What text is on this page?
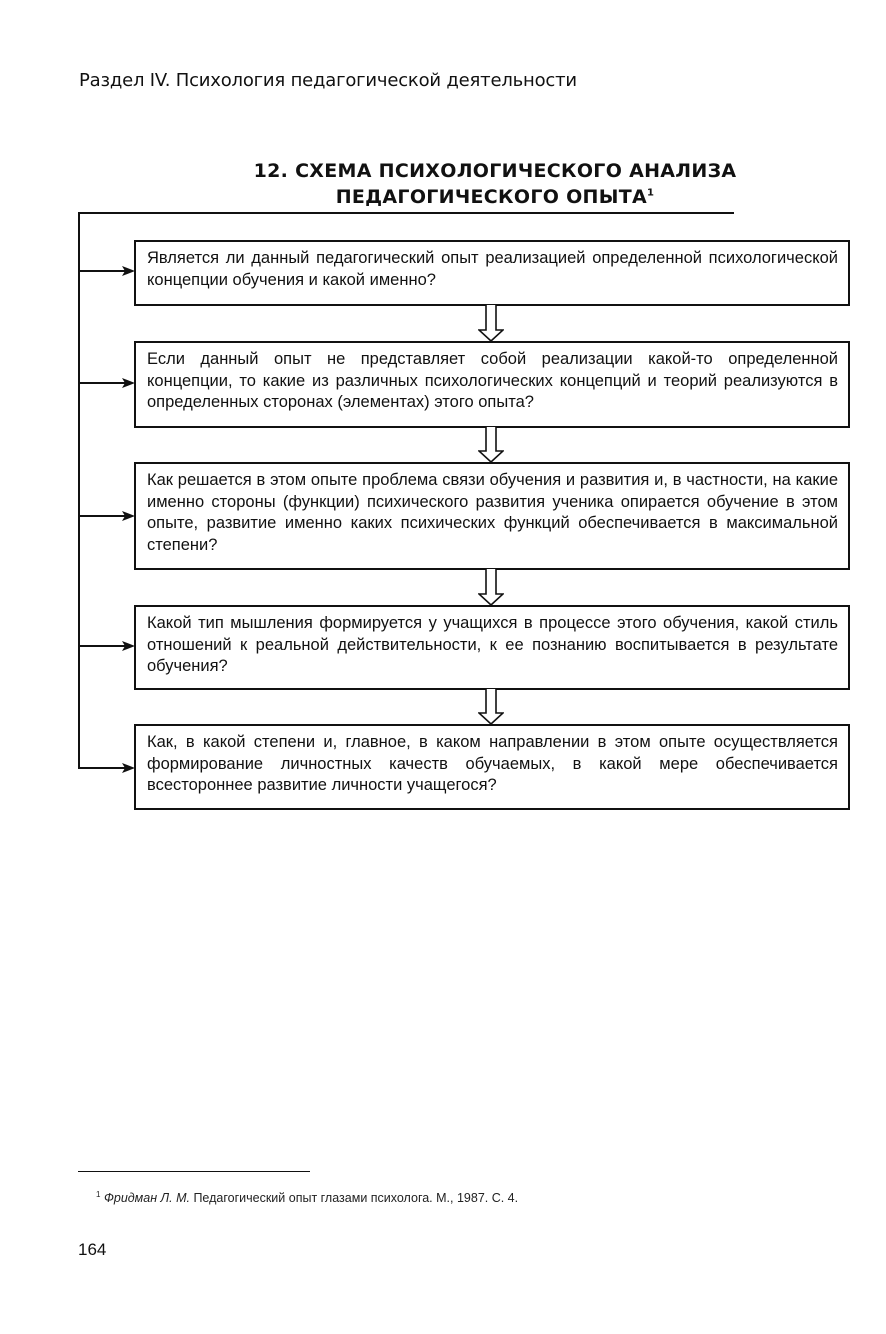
Раздел IV. Психология педагогической деятельности
12. СХЕМА ПСИХОЛОГИЧЕСКОГО АНАЛИЗА
ПЕДАГОГИЧЕСКОГО ОПЫТА$^1$
Является ли данный педагогический опыт реализацией определенной психологической концепции обучения и какой именно?
Если данный опыт не представляет собой реализации какой-то определенной концепции, то какие из различных психологических концепций и теорий реализуются в определенных сторонах (элементах) этого опыта?
Как решается в этом опыте проблема связи обучения и развития и, в частности, на какие именно стороны (функции) психического развития ученика опирается обучение в этом опыте, развитие именно каких психических функций обеспечивается в максимальной степени?
Какой тип мышления формируется у учащихся в процессе этого обучения, какой стиль отношений к реальной действительности, к ее познанию воспитывается в результате обучения?
Как, в какой степени и, главное, в каком направлении в этом опыте осуществляется формирование личностных качеств обучаемых, в какой мере обеспечивается всестороннее развитие личности учащегося?
$^1$ Фридман Л. М. Педагогический опыт глазами психолога. М., 1987. С. 4.
164
